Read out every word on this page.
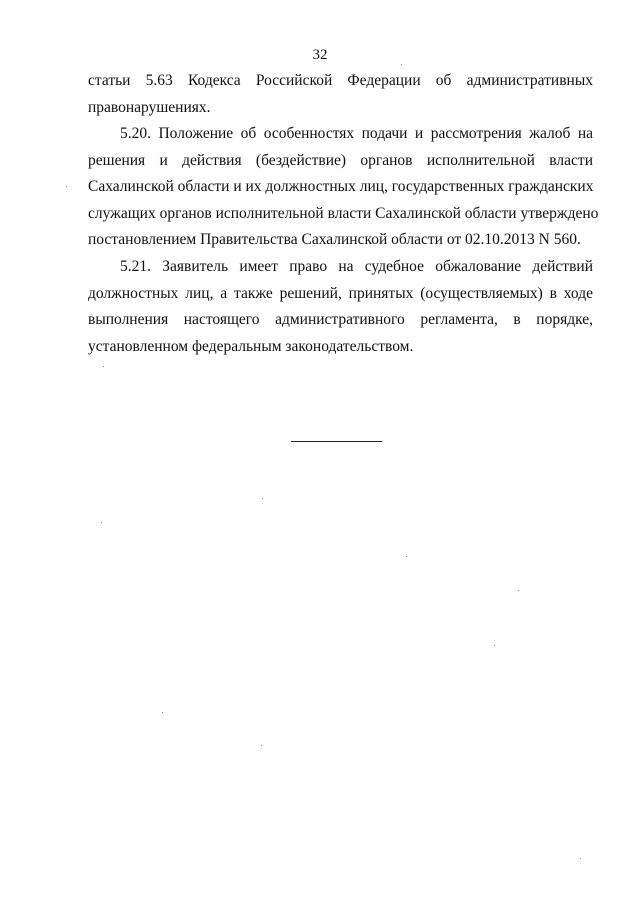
32
статьи 5.63 Кодекса Российской Федерации об административных
правонарушениях.
5.20. Положение об особенностях подачи и рассмотрения жалоб на
решения и действия (бездействие) органов исполнительной власти
Сахалинской области и их должностных лиц, государственных гражданских
служащих органов исполнительной власти Сахалинской области утверждено
постановлением Правительства Сахалинской области от 02.10.2013 N 560.
5.21. Заявитель имеет право на судебное обжалование действий
должностных лиц, а также решений, принятых (осуществляемых) в ходе
выполнения настоящего административного регламента, в порядке,
установленном федеральным законодательством.
